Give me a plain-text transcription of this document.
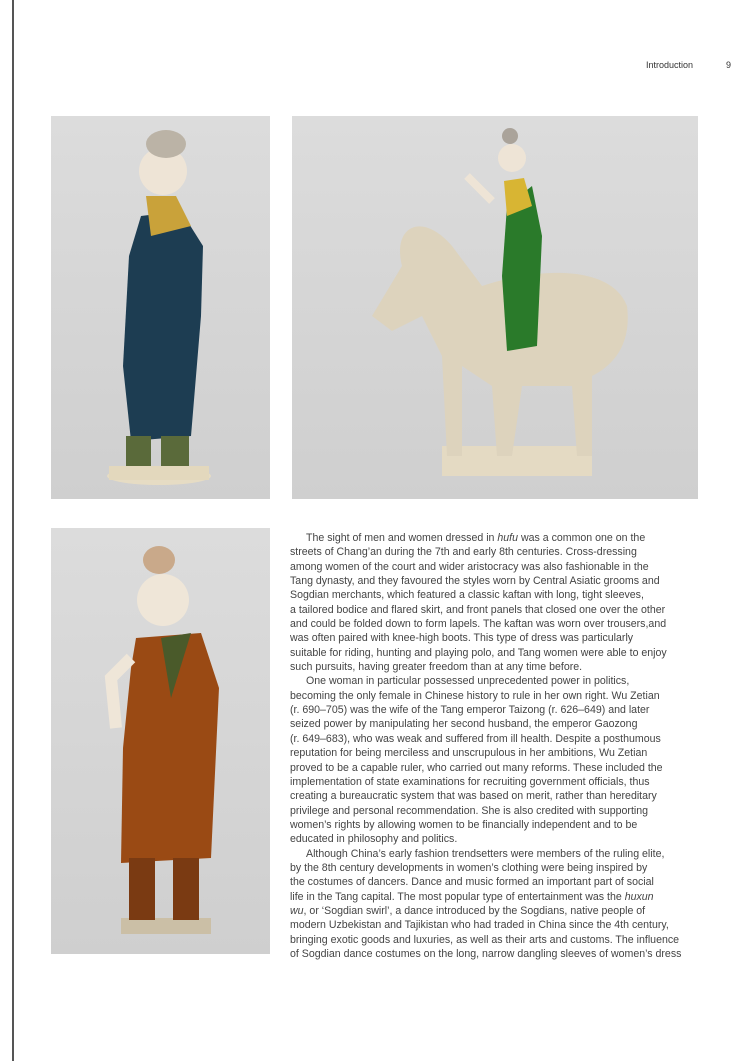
Introduction	9
The sight of men and women dressed in hufu was a common one on the
streets of Chang’an during the 7th and early 8th centuries. Cross-dressing
among women of the court and wider aristocracy was also fashionable in the
Tang dynasty, and they favoured the styles worn by Central Asiatic grooms and
Sogdian merchants, which featured a classic kaftan with long, tight sleeves,
a tailored bodice and flared skirt, and front panels that closed one over the other
and could be folded down to form lapels. The kaftan was worn over trousers,and
was often paired with knee-high boots. This type of dress was particularly
suitable for riding, hunting and playing polo, and Tang women were able to enjoy
such pursuits, having greater freedom than at any time before.
One woman in particular possessed unprecedented power in politics,
becoming the only female in Chinese history to rule in her own right. Wu Zetian
(r. 690–705) was the wife of the Tang emperor Taizong (r. 626–649) and later
seized power by manipulating her second husband, the emperor Gaozong
(r. 649–683), who was weak and suffered from ill health. Despite a posthumous
reputation for being merciless and unscrupulous in her ambitions, Wu Zetian
proved to be a capable ruler, who carried out many reforms. These included the
implementation of state examinations for recruiting government officials, thus
creating a bureaucratic system that was based on merit, rather than hereditary
privilege and personal recommendation. She is also credited with supporting
women’s rights by allowing women to be financially independent and to be
educated in philosophy and politics.
Although China’s early fashion trendsetters were members of the ruling elite,
by the 8th century developments in women’s clothing were being inspired by
the costumes of dancers. Dance and music formed an important part of social
life in the Tang capital. The most popular type of entertainment was the huxun
wu, or ‘Sogdian swirl’, a dance introduced by the Sogdians, native people of
modern Uzbekistan and Tajikistan who had traded in China since the 4th century,
bringing exotic goods and luxuries, as well as their arts and customs. The influence
of Sogdian dance costumes on the long, narrow dangling sleeves of women’s dress
